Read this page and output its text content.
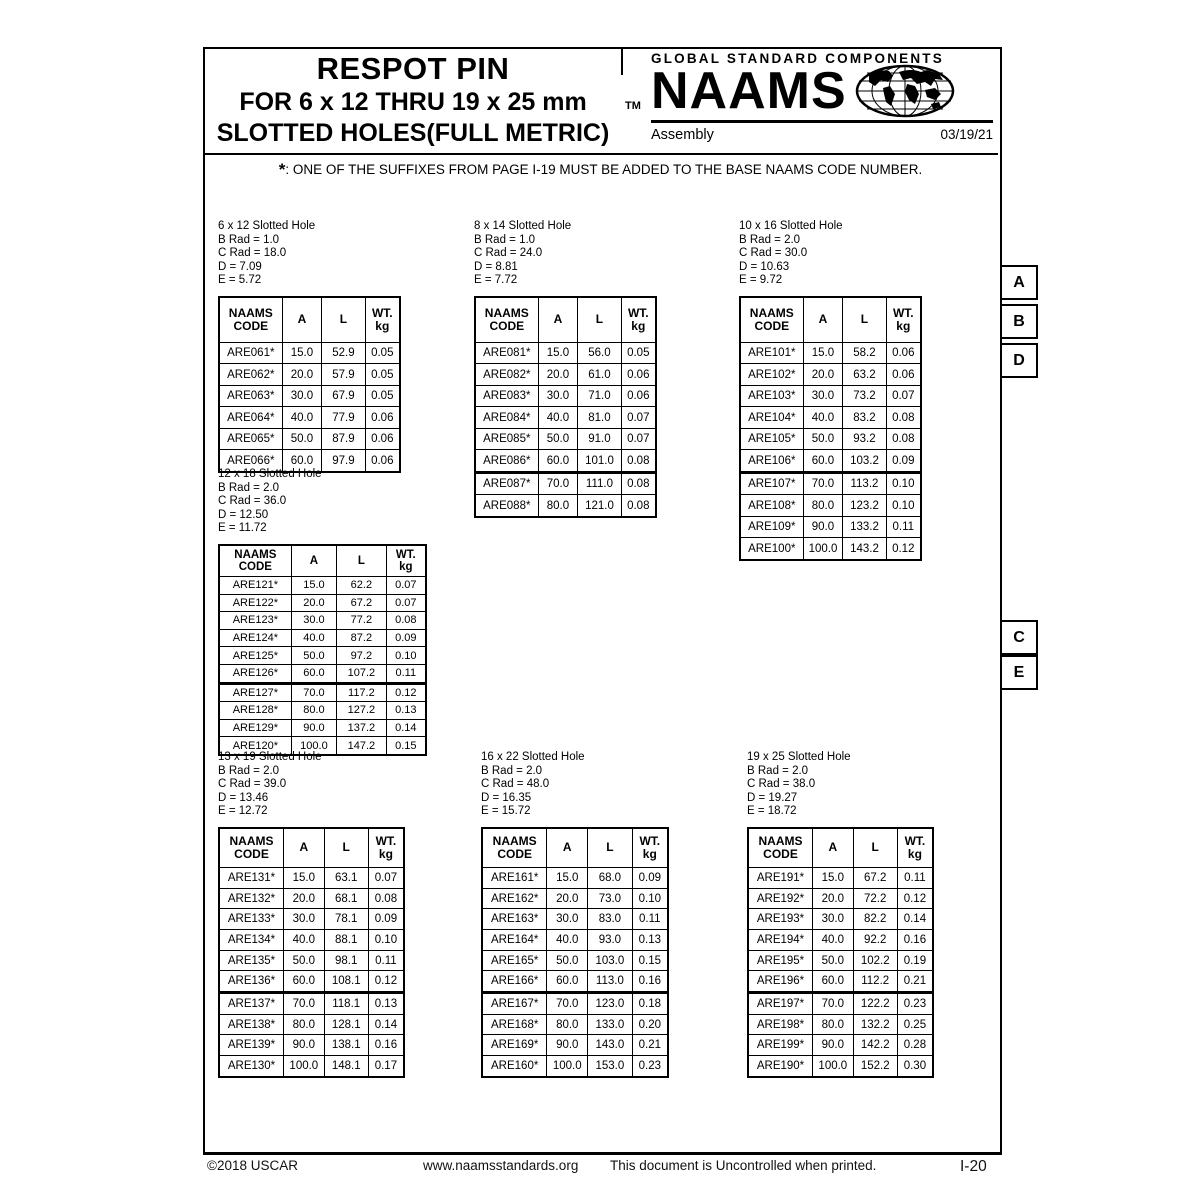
RESPOT PIN
FOR 6 x 12 THRU 19 x 25 mm
SLOTTED HOLES(FULL METRIC)
TM
GLOBAL STANDARD COMPONENTS
NAAMS
Assembly	03/19/21
*: ONE OF THE SUFFIXES FROM PAGE I-19 MUST BE ADDED TO THE BASE NAAMS CODE NUMBER.
6 x 12 Slotted Hole
B Rad = 1.0
C Rad = 18.0
D = 7.09
E = 5.72
NAAMS
CODE	A	L	WT.
kg

ARE061*	15.0	52.9	0.05
ARE062*	20.0	57.9	0.05
ARE063*	30.0	67.9	0.05
ARE064*	40.0	77.9	0.06
ARE065*	50.0	87.9	0.06
ARE066*	60.0	97.9	0.06
8 x 14 Slotted Hole
B Rad = 1.0
C Rad = 24.0
D = 8.81
E = 7.72
NAAMS
CODE	A	L	WT.
kg

ARE081*	15.0	56.0	0.05
ARE082*	20.0	61.0	0.06
ARE083*	30.0	71.0	0.06
ARE084*	40.0	81.0	0.07
ARE085*	50.0	91.0	0.07
ARE086*	60.0	101.0	0.08
ARE087*	70.0	111.0	0.08
ARE088*	80.0	121.0	0.08
10 x 16 Slotted Hole
B Rad = 2.0
C Rad = 30.0
D = 10.63
E = 9.72
NAAMS
CODE	A	L	WT.
kg

ARE101*	15.0	58.2	0.06
ARE102*	20.0	63.2	0.06
ARE103*	30.0	73.2	0.07
ARE104*	40.0	83.2	0.08
ARE105*	50.0	93.2	0.08
ARE106*	60.0	103.2	0.09
ARE107*	70.0	113.2	0.10
ARE108*	80.0	123.2	0.10
ARE109*	90.0	133.2	0.11
ARE100*	100.0	143.2	0.12
12 x 18 Slotted Hole
B Rad = 2.0
C Rad = 36.0
D = 12.50
E = 11.72
NAAMS
CODE	A	L	WT.
kg

ARE121*	15.0	62.2	0.07
ARE122*	20.0	67.2	0.07
ARE123*	30.0	77.2	0.08
ARE124*	40.0	87.2	0.09
ARE125*	50.0	97.2	0.10
ARE126*	60.0	107.2	0.11
ARE127*	70.0	117.2	0.12
ARE128*	80.0	127.2	0.13
ARE129*	90.0	137.2	0.14
ARE120*	100.0	147.2	0.15
13 x 19 Slotted Hole
B Rad = 2.0
C Rad = 39.0
D = 13.46
E = 12.72
NAAMS
CODE	A	L	WT.
kg

ARE131*	15.0	63.1	0.07
ARE132*	20.0	68.1	0.08
ARE133*	30.0	78.1	0.09
ARE134*	40.0	88.1	0.10
ARE135*	50.0	98.1	0.11
ARE136*	60.0	108.1	0.12
ARE137*	70.0	118.1	0.13
ARE138*	80.0	128.1	0.14
ARE139*	90.0	138.1	0.16
ARE130*	100.0	148.1	0.17
16 x 22 Slotted Hole
B Rad = 2.0
C Rad = 48.0
D = 16.35
E = 15.72
NAAMS
CODE	A	L	WT.
kg

ARE161*	15.0	68.0	0.09
ARE162*	20.0	73.0	0.10
ARE163*	30.0	83.0	0.11
ARE164*	40.0	93.0	0.13
ARE165*	50.0	103.0	0.15
ARE166*	60.0	113.0	0.16
ARE167*	70.0	123.0	0.18
ARE168*	80.0	133.0	0.20
ARE169*	90.0	143.0	0.21
ARE160*	100.0	153.0	0.23
19 x 25 Slotted Hole
B Rad = 2.0
C Rad = 38.0
D = 19.27
E = 18.72
NAAMS
CODE	A	L	WT.
kg

ARE191*	15.0	67.2	0.11
ARE192*	20.0	72.2	0.12
ARE193*	30.0	82.2	0.14
ARE194*	40.0	92.2	0.16
ARE195*	50.0	102.2	0.19
ARE196*	60.0	112.2	0.21
ARE197*	70.0	122.2	0.23
ARE198*	80.0	132.2	0.25
ARE199*	90.0	142.2	0.28
ARE190*	100.0	152.2	0.30
A
B
D
C
E
©2018 USCAR	www.naamsstandards.org This document is Uncontrolled when printed.	I-20
